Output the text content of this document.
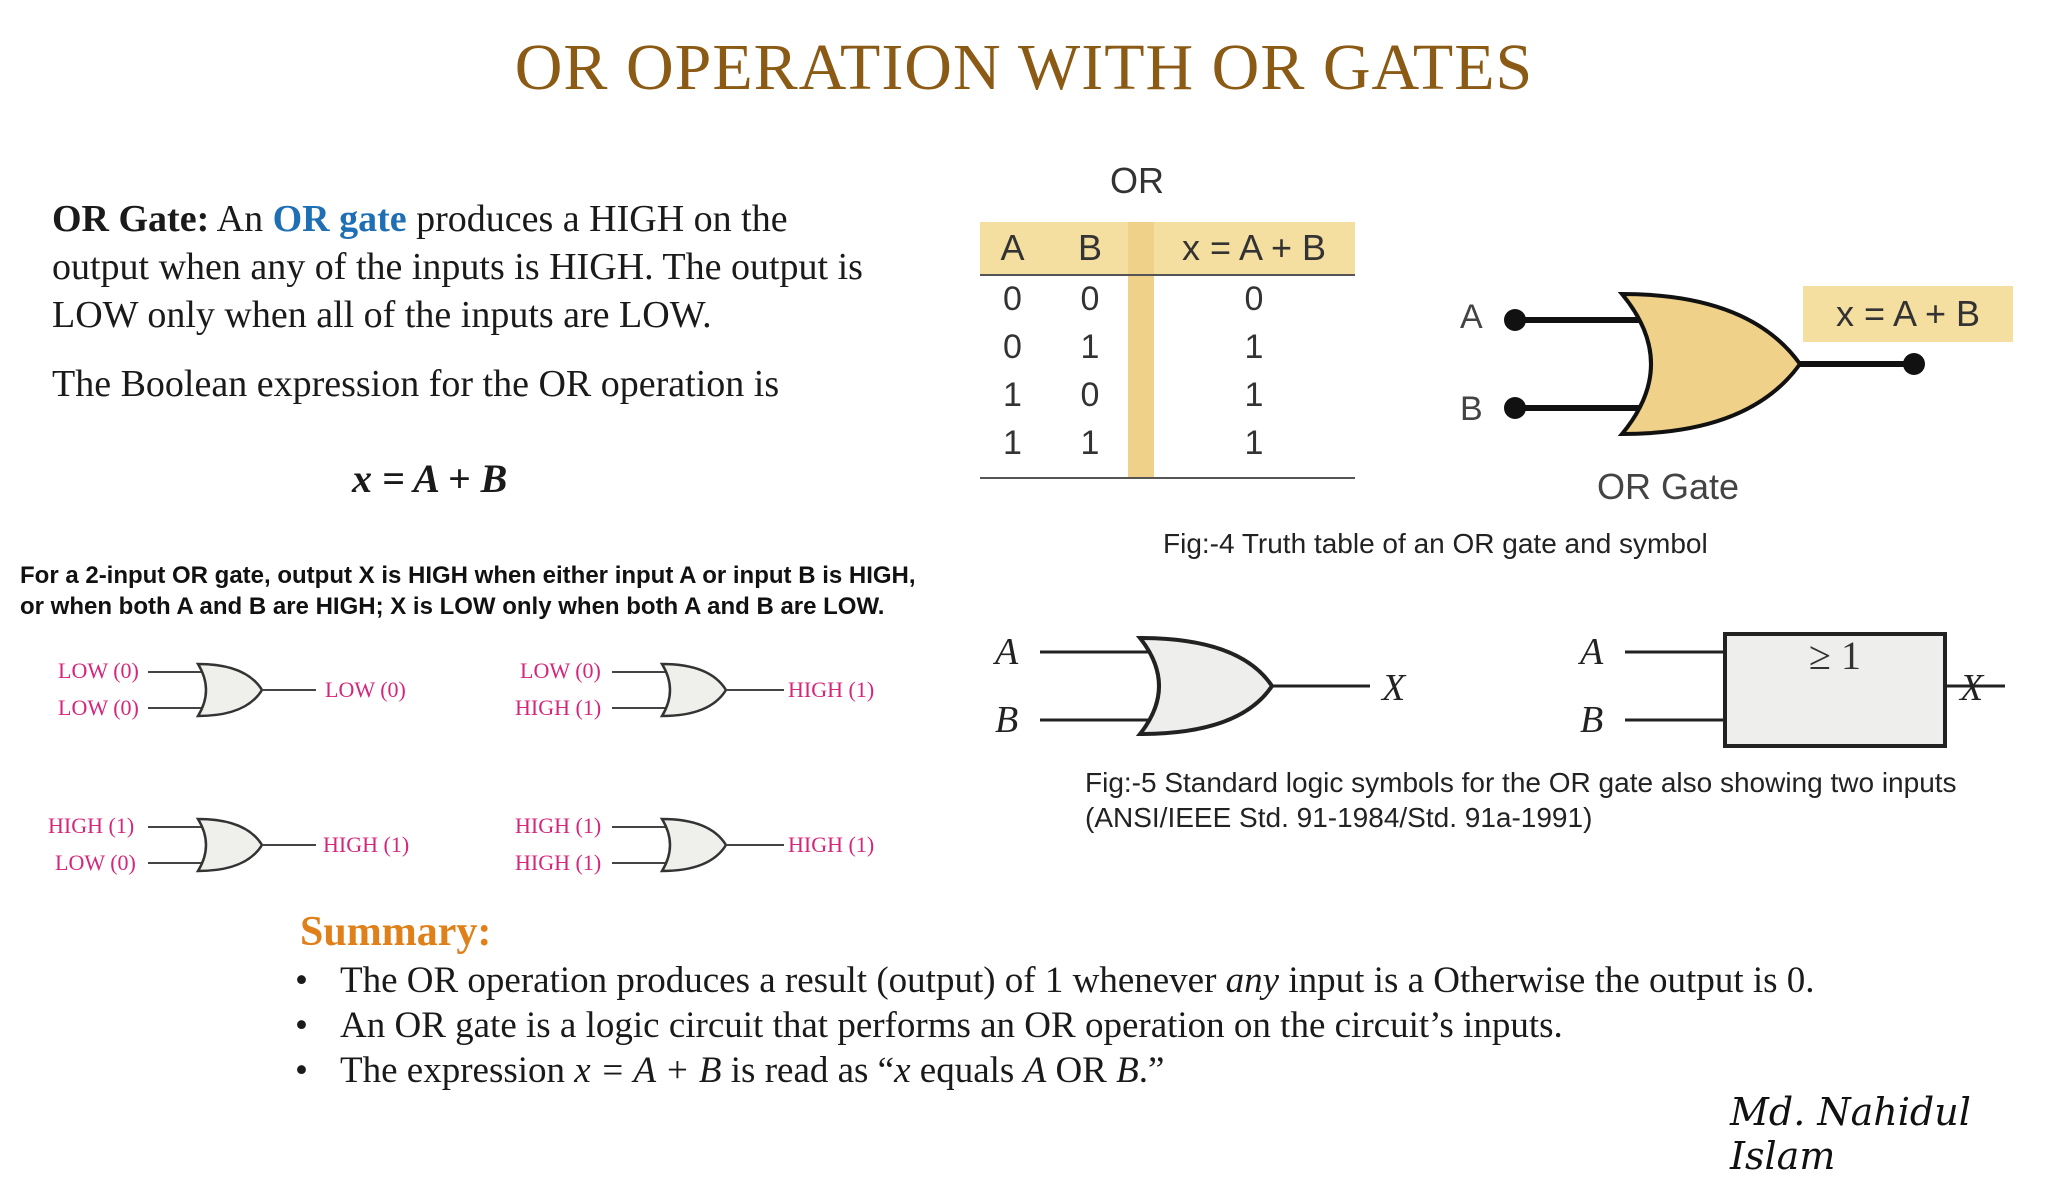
OR OPERATION WITH OR GATES
OR Gate: An OR gate produces a HIGH on the output when any of the inputs is HIGH. The output is LOW only when all of the inputs are LOW.
The Boolean expression for the OR operation is
x = A + B
For a 2-input OR gate, output X is HIGH when either input A or input B is HIGH,
or when both A and B are HIGH; X is LOW only when both A and B are LOW.
OR
A	B	x = A + B
0	0	0
0	1	1
1	0	1
1	1	1
A
B
x = A + B
OR Gate
Fig:-4 Truth table of an OR gate and symbol
A
B
X
≥ 1
A
B
X
Fig:-5 Standard logic symbols for the OR gate also showing two inputs
(ANSI/IEEE Std. 91-1984/Std. 91a-1991)
LOW (0)
LOW (0)
LOW (0)
LOW (0)
HIGH (1)
HIGH (1)
HIGH (1)
LOW (0)
HIGH (1)
HIGH (1)
HIGH (1)
HIGH (1)
Summary:
• The OR operation produces a result (output) of 1 whenever any input is a Otherwise the output is 0.
• An OR gate is a logic circuit that performs an OR operation on the circuit’s inputs.
• The expression x = A + B is read as “x equals A OR B.”
Md. Nahidul Islam
